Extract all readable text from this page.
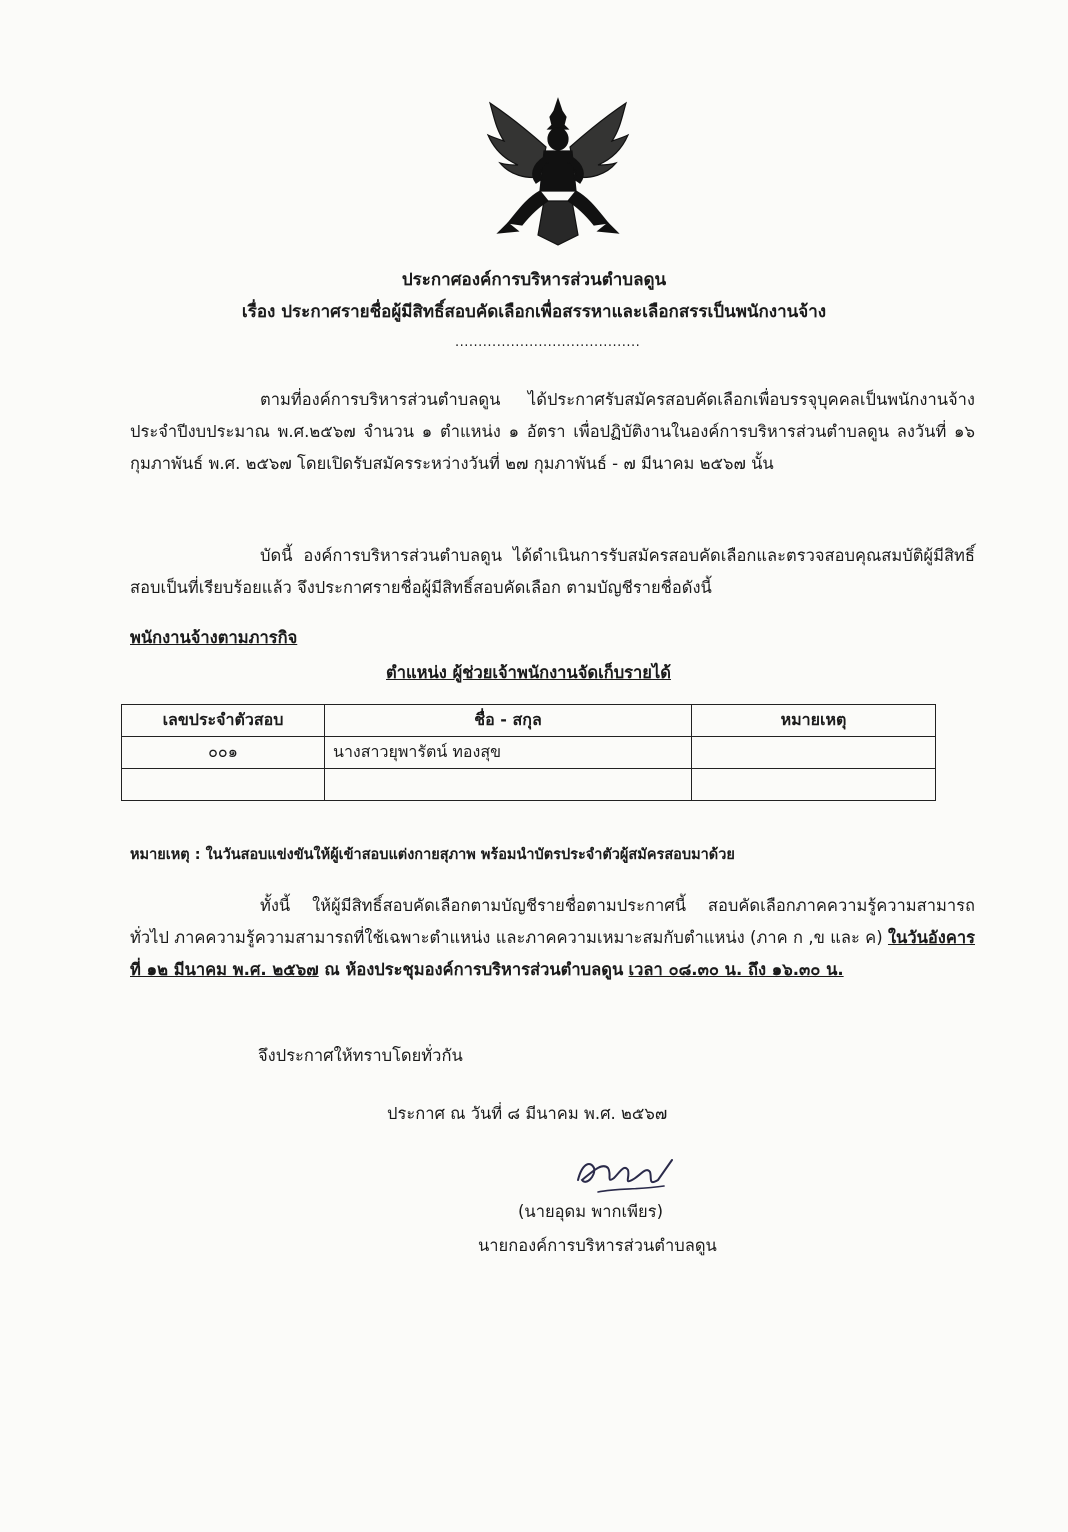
ประกาศองค์การบริหารส่วนตำบลดูน
เรื่อง ประกาศรายชื่อผู้มีสิทธิ์สอบคัดเลือกเพื่อสรรหาและเลือกสรรเป็นพนักงานจ้าง
........................................
ตามที่องค์การบริหารส่วนตำบลดูน ได้ประกาศรับสมัครสอบคัดเลือกเพื่อบรรจุบุคคลเป็นพนักงานจ้าง ประจำปีงบประมาณ พ.ศ.๒๕๖๗ จำนวน ๑ ตำแหน่ง ๑ อัตรา เพื่อปฏิบัติงานในองค์การบริหารส่วนตำบลดูน ลงวันที่ ๑๖ กุมภาพันธ์ พ.ศ. ๒๕๖๗ โดยเปิดรับสมัครระหว่างวันที่ ๒๗ กุมภาพันธ์ - ๗ มีนาคม ๒๕๖๗ นั้น
บัดนี้ องค์การบริหารส่วนตำบลดูน ได้ดำเนินการรับสมัครสอบคัดเลือกและตรวจสอบคุณสมบัติผู้มีสิทธิ์สอบเป็นที่เรียบร้อยแล้ว จึงประกาศรายชื่อผู้มีสิทธิ์สอบคัดเลือก ตามบัญชีรายชื่อดังนี้
พนักงานจ้างตามภารกิจ
ตำแหน่ง ผู้ช่วยเจ้าพนักงานจัดเก็บรายได้
เลขประจำตัวสอบ	ชื่อ - สกุล	หมายเหตุ
๐๐๑	นางสาวยุพารัตน์ ทองสุข	

หมายเหตุ : ในวันสอบแข่งขันให้ผู้เข้าสอบแต่งกายสุภาพ พร้อมนำบัตรประจำตัวผู้สมัครสอบมาด้วย
ทั้งนี้ ให้ผู้มีสิทธิ์สอบคัดเลือกตามบัญชีรายชื่อตามประกาศนี้ สอบคัดเลือกภาคความรู้ความสามารถทั่วไป ภาคความรู้ความสามารถที่ใช้เฉพาะตำแหน่ง และภาคความเหมาะสมกับตำแหน่ง (ภาค ก ,ข และ ค) ในวันอังคารที่ ๑๒ มีนาคม พ.ศ. ๒๕๖๗ ณ ห้องประชุมองค์การบริหารส่วนตำบลดูน เวลา ๐๘.๓๐ น. ถึง ๑๖.๓๐ น.
จึงประกาศให้ทราบโดยทั่วกัน
ประกาศ ณ วันที่ ๘ มีนาคม พ.ศ. ๒๕๖๗
(นายอุดม พากเพียร)
นายกองค์การบริหารส่วนตำบลดูน
